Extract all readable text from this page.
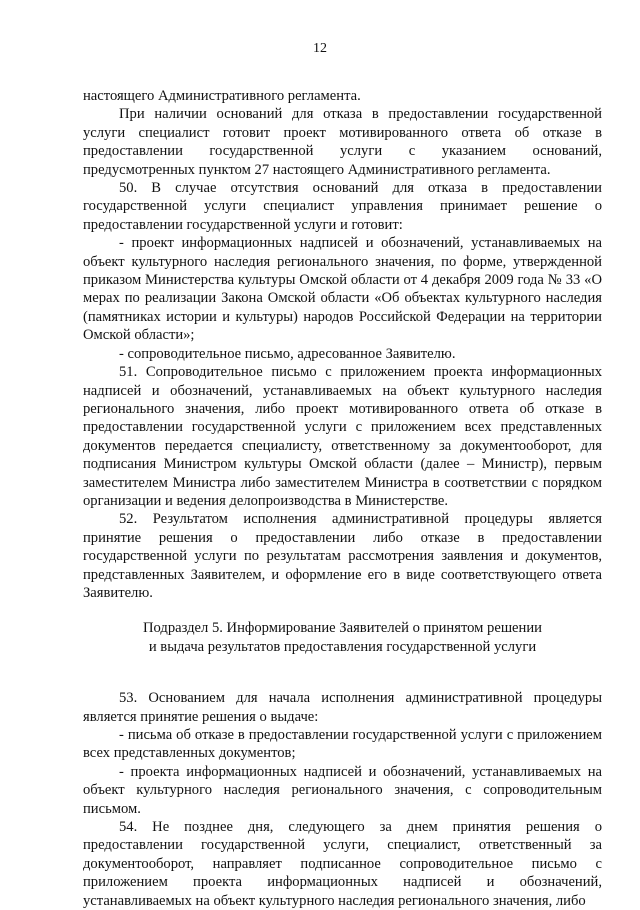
12

настоящего Административного регламента.

При наличии оснований для отказа в предоставлении государственной услуги специалист готовит проект мотивированного ответа об отказе в предоставлении государственной услуги с указанием оснований, предусмотренных пунктом 27 настоящего Административного регламента.

50. В случае отсутствия оснований для отказа в предоставлении государственной услуги специалист управления принимает решение о предоставлении государственной услуги и готовит:

- проект информационных надписей и обозначений, устанавливаемых на объект культурного наследия регионального значения, по форме, утвержденной приказом Министерства культуры Омской области от 4 декабря 2009 года № 33 «О мерах по реализации Закона Омской области «Об объектах культурного наследия (памятниках истории и культуры) народов Российской Федерации на территории Омской области»;

- сопроводительное письмо, адресованное Заявителю.

51. Сопроводительное письмо с приложением проекта информационных надписей и обозначений, устанавливаемых на объект культурного наследия регионального значения, либо проект мотивированного ответа об отказе в предоставлении государственной услуги с приложением всех представленных документов передается специалисту, ответственному за документооборот, для подписания Министром культуры Омской области (далее – Министр), первым заместителем Министра либо заместителем Министра в соответствии с порядком организации и ведения делопроизводства в Министерстве.

52. Результатом исполнения административной процедуры является принятие решения о предоставлении либо отказе в предоставлении государственной услуги по результатам рассмотрения заявления и документов, представленных Заявителем, и оформление его в виде соответствующего ответа Заявителю.

Подраздел 5. Информирование Заявителей о принятом решении
и выдача результатов предоставления государственной услуги

53. Основанием для начала исполнения административной процедуры является принятие решения о выдаче:

- письма об отказе в предоставлении государственной услуги с приложением всех представленных документов;

- проекта информационных надписей и обозначений, устанавливаемых на объект культурного наследия регионального значения, с сопроводительным письмом.

54. Не позднее дня, следующего за днем принятия решения о предоставлении государственной услуги, специалист, ответственный за документооборот, направляет подписанное сопроводительное письмо с приложением проекта информационных надписей и обозначений, устанавливаемых на объект культурного наследия регионального значения, либо
